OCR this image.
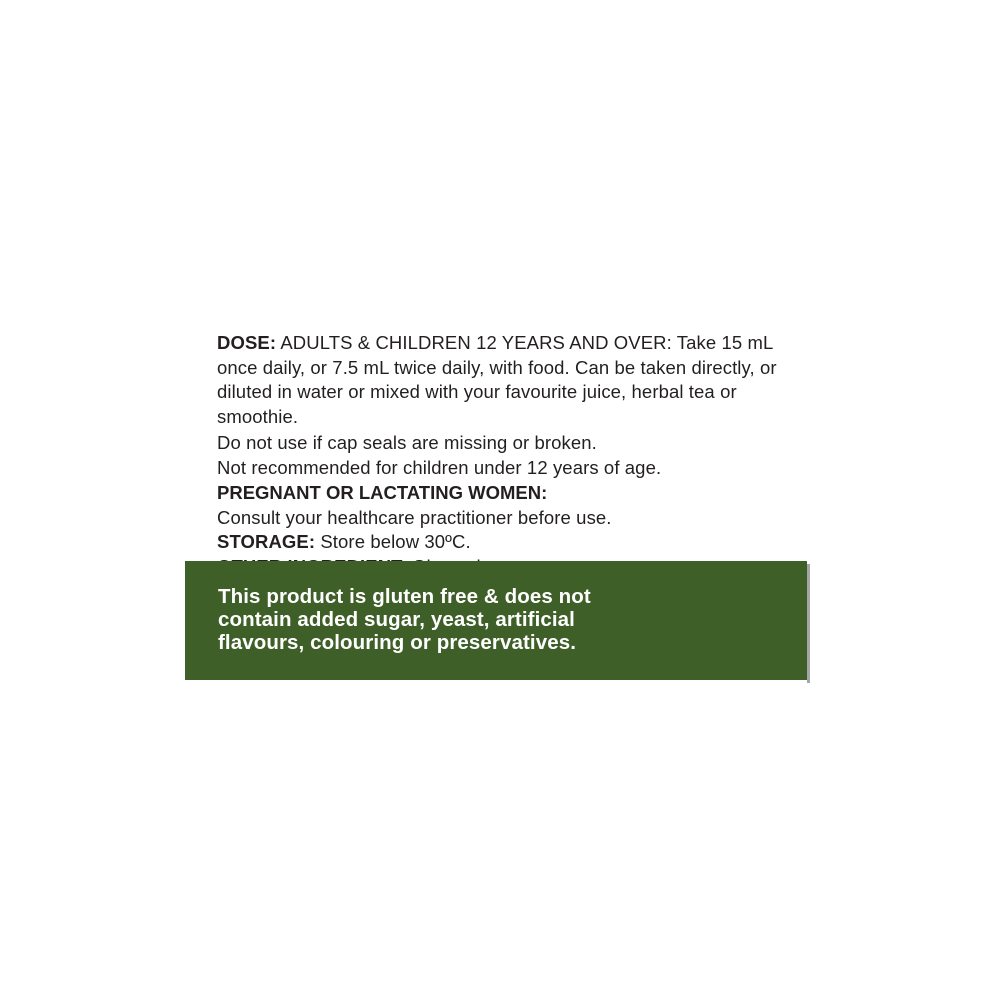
DOSE: ADULTS & CHILDREN 12 YEARS AND OVER: Take 15 mL once daily, or 7.5 mL twice daily, with food. Can be taken directly, or diluted in water or mixed with your favourite juice, herbal tea or smoothie.

Do not use if cap seals are missing or broken.

Not recommended for children under 12 years of age.

PREGNANT OR LACTATING WOMEN:

Consult your healthcare practitioner before use.

STORAGE: Store below 30ºC.

This product is gluten free & does not contain added sugar, yeast, artificial flavours, colouring or preservatives.
